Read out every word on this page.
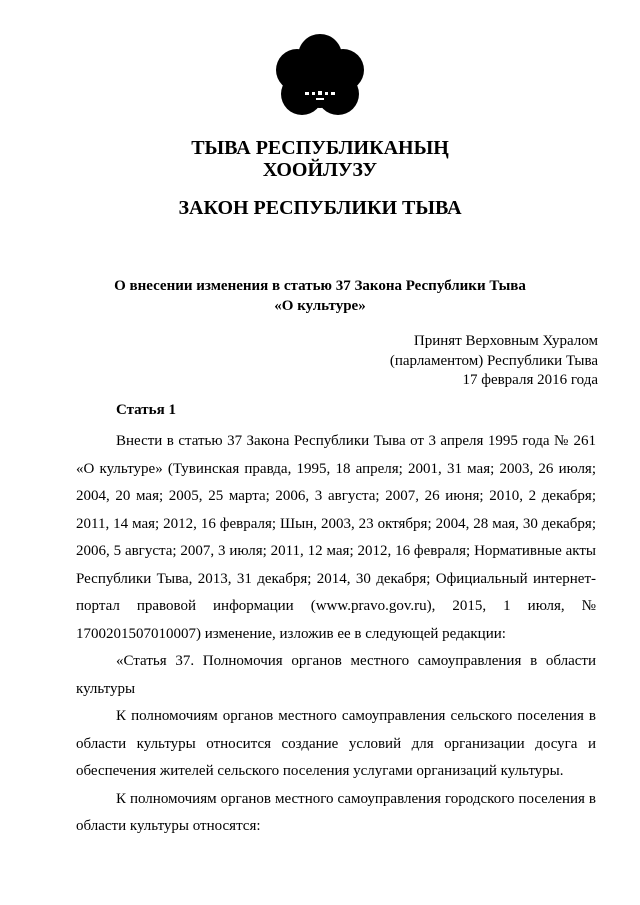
ТЫВА РЕСПУБЛИКАНЫҢ
ХООЙЛУЗУ
ЗАКОН РЕСПУБЛИКИ ТЫВА
О внесении изменения в статью 37 Закона Республики Тыва
«О культуре»
Принят Верховным Хуралом
(парламентом) Республики Тыва
17 февраля 2016 года
Статья 1

Внести в статью 37 Закона Республики Тыва от 3 апреля 1995 года № 261 «О культуре» (Тувинская правда, 1995, 18 апреля; 2001, 31 мая; 2003, 26 июля; 2004, 20 мая; 2005, 25 марта; 2006, 3 августа; 2007, 26 июня; 2010, 2 декабря; 2011, 14 мая; 2012, 16 февраля; Шын, 2003, 23 октября; 2004, 28 мая, 30 декабря; 2006, 5 августа; 2007, 3 июля; 2011, 12 мая; 2012, 16 февраля; Нормативные акты Республики Тыва, 2013, 31 декабря; 2014, 30 декабря; Официальный интернет-портал правовой информации (www.pravo.gov.ru), 2015, 1 июля, № 1700201507010007) изменение, изложив ее в следующей редакции:

«Статья 37. Полномочия органов местного самоуправления в области культуры

К полномочиям органов местного самоуправления сельского поселения в области культуры относится создание условий для организации досуга и обеспечения жителей сельского поселения услугами организаций культуры.

К полномочиям органов местного самоуправления городского поселения в области культуры относятся:
